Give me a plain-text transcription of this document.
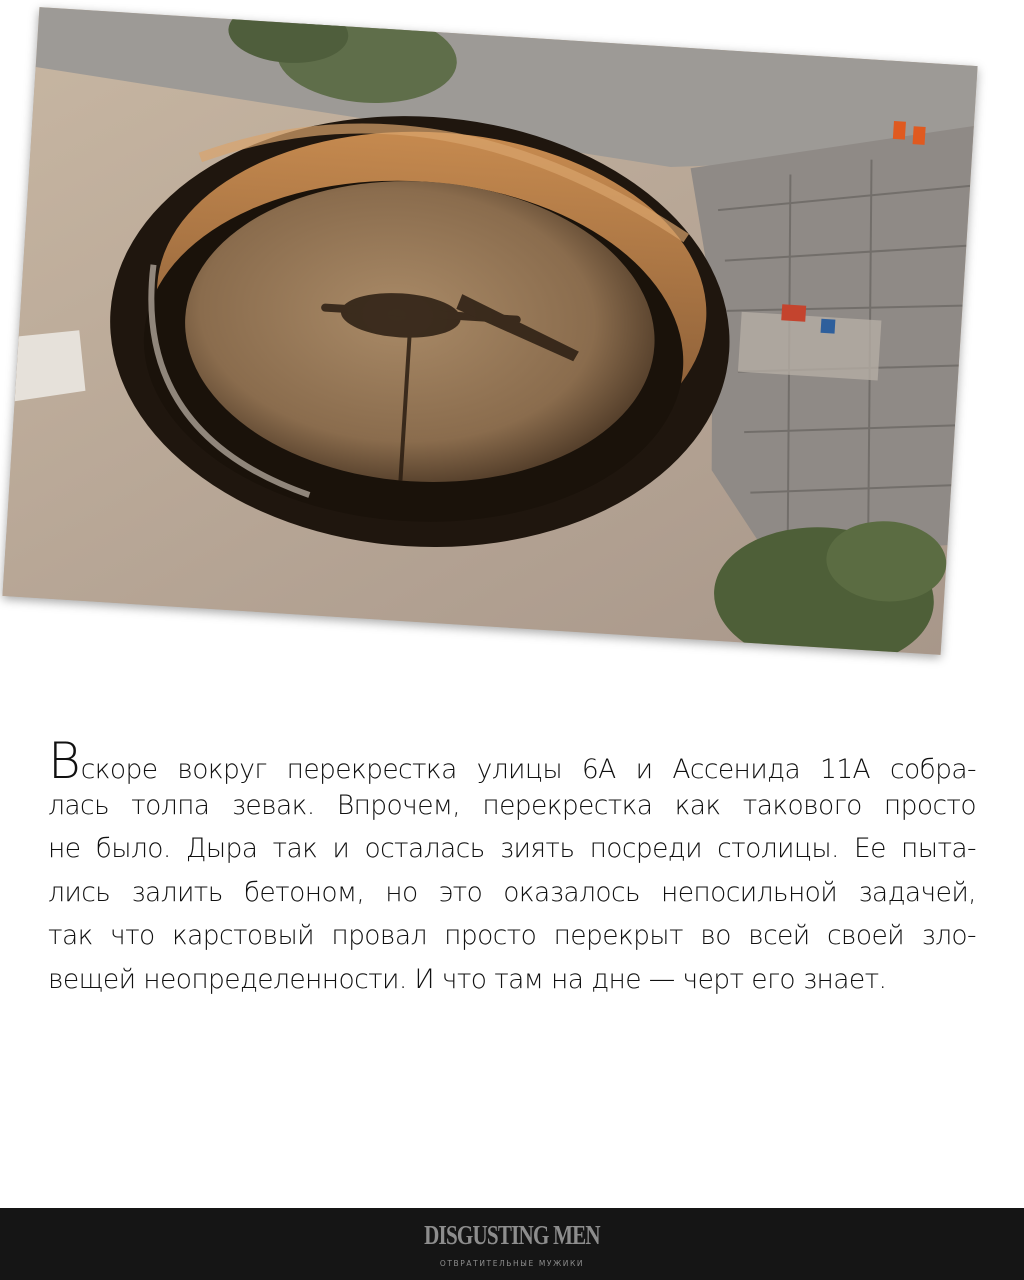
Вскоре вокруг перекрестка улицы 6А и Ассенида 11А собра-
лась толпа зевак. Впрочем, перекрестка как такового просто
не было. Дыра так и осталась зиять посреди столицы. Ее пыта-
лись залить бетоном, но это оказалось непосильной задачей,
так что карстовый провал просто перекрыт во всей своей зло-
вещей неопределенности. И что там на дне — черт его знает.
DISGUSTING MEN
ОТВРАТИТЕЛЬНЫЕ МУЖИКИ
